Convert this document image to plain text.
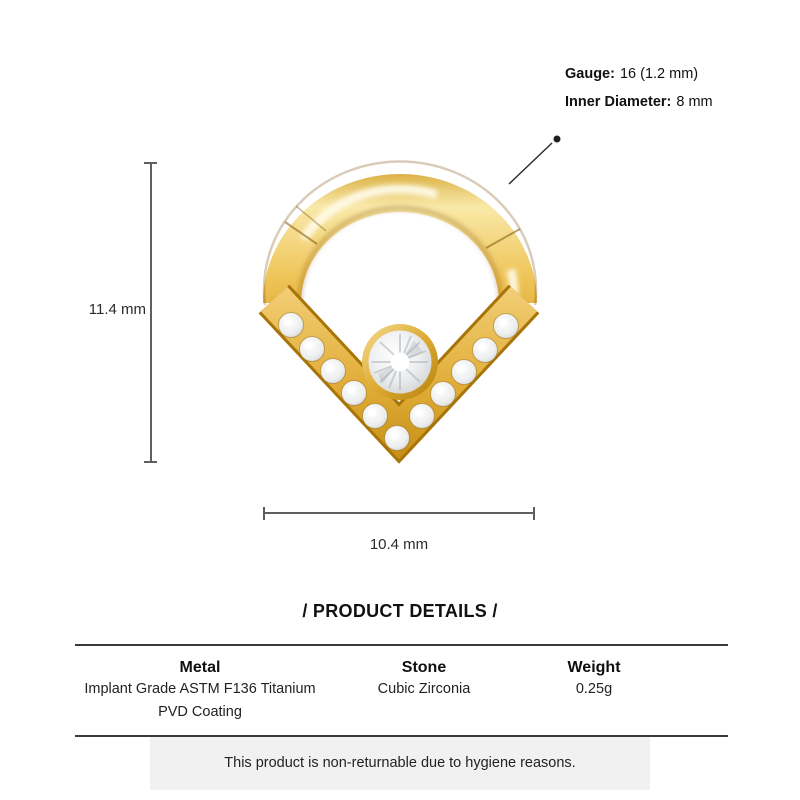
Gauge: 16 (1.2 mm)
Inner Diameter: 8 mm
11.4 mm
10.4 mm
/ PRODUCT DETAILS /
Metal
Implant Grade ASTM F136 Titanium
PVD Coating
Stone
Cubic Zirconia
Weight
0.25g
This product is non-returnable due to hygiene reasons.
